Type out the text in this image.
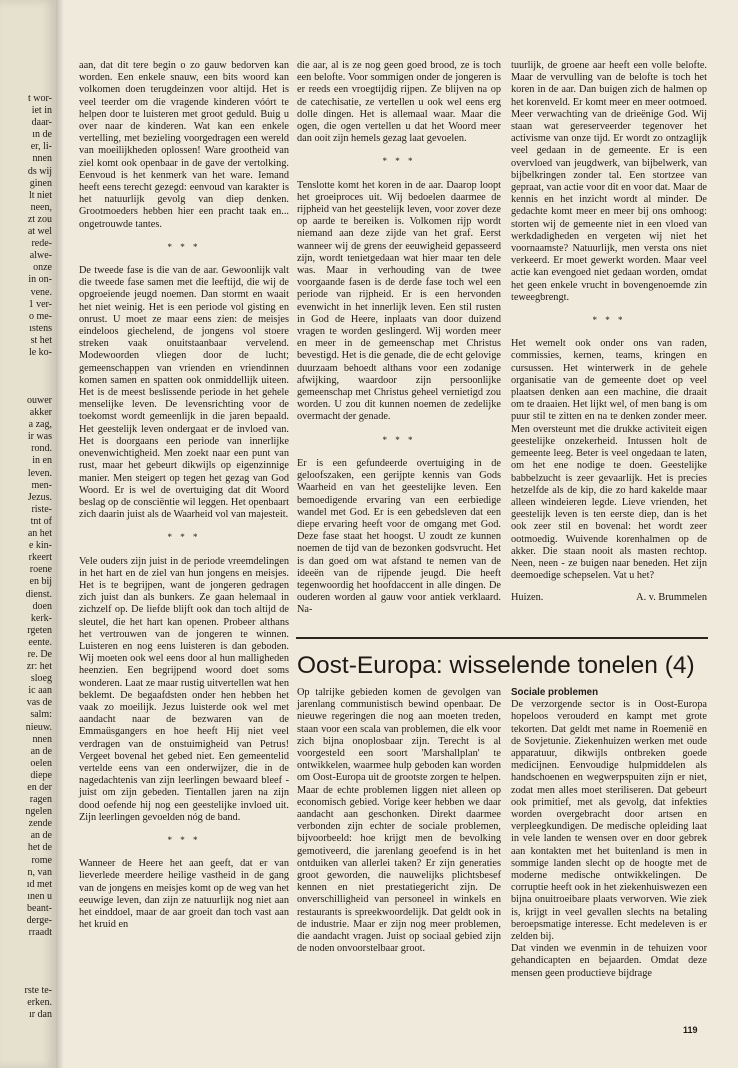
t wor-
iet in
daar-
ın de
er, li-
nnen
ds wij
ginen
lt niet
neen,
zt zou
at wel
rede-
alwe-
onze
in on-
vene.
1 ver-
o me-
ıstens
st het
le ko-

ouwer
akker
a zag,
ir was
rond.
in en
leven.
men-
Jezus.
riste-
tnt of
an het
e kin-
rkeert
roene
en bij
dienst.
doen
kerk-
rgeten
eente.
re. De
zr: het
sloeg
ic aan
vas de
salm:
nieuw.
nnen
an de
oelen
diepe
en der
ragen
ngelen
zende
an de
het de
rome
n, van
ıd met
ınen u
beant-
derge-
rraadt

rste te-
erken.
ır dan

aan, dat dit tere begin o zo gauw bedorven kan worden. Een enkele snauw, een bits woord kan volkomen doen terugdeinzen voor altijd. Het is veel teerder om die vragende kinderen vóórt te helpen door te luisteren met groot geduld. Buig u over naar de kinderen. Wat kan een enkele vertelling, met bezieling voorgedragen een wereld van moeilijkheden oplossen! Ware grootheid van ziel komt ook openbaar in de gave der vertolking. Eenvoud is het kenmerk van het ware. Iemand heeft eens terecht gezegd: eenvoud van karakter is het natuurlijk gevolg van diep denken. Grootmoeders hebben hier een pracht taak en... ongetrouwde tantes.

* * *

De tweede fase is die van de aar. Gewoonlijk valt die tweede fase samen met die leeftijd, die wij de opgroeiende jeugd noemen. Dan stormt en waait het niet weinig. Het is een periode vol gisting en onrust. U moet ze maar eens zien: de meisjes eindeloos giechelend, de jongens vol stoere streken vaak onuitstaanbaar vervelend. Modewoorden vliegen door de lucht; gemeenschappen van vrienden en vriendinnen komen samen en spatten ook onmiddellijk uiteen. Het is de meest beslissende periode in het gehele menselijke leven. De levensrichting voor de toekomst wordt gemeenlijk in die jaren bepaald. Het geestelijk leven ondergaat er de invloed van. Het is doorgaans een periode van innerlijke onevenwichtigheid. Men zoekt naar een punt van rust, maar het gebeurt dikwijls op eigenzinnige manier. Men steigert op tegen het gezag van God Woord. Er is wel de overtuiging dat dit Woord beslag op de consciëntie wil leggen. Het openbaart zich daarin juist als de Waarheid vol van majesteit.

* * *

Vele ouders zijn juist in de periode vreemdelingen in het hart en de ziel van hun jongens en meisjes. Het is te begrijpen, want de jongeren gedragen zich juist dan als bunkers. Ze gaan helemaal in zichzelf op. De liefde blijft ook dan toch altijd de sleutel, die het hart kan openen. Probeer althans het vertrouwen van de jongeren te winnen. Luisteren en nog eens luisteren is dan geboden. Wij moeten ook wel eens door al hun malligheden heenzien. Een begrijpend woord doet soms wonderen. Laat ze maar rustig uitvertellen wat hen beklemt. De begaafdsten onder hen hebben het vaak zo moeilijk. Jezus luisterde ook wel met aandacht naar de bezwaren van de Emmaüsgangers en hoe heeft Hij niet veel verdragen van de onstuimigheid van Petrus! Vergeet bovenal het gebed niet. Een gemeentelid vertelde eens van een onderwijzer, die in de nagedachtenis van zijn leerlingen bewaard bleef - juist om zijn gebeden. Tientallen jaren na zijn dood oefende hij nog een geestelijke invloed uit. Zijn leerlingen gevoelden nóg de band.

* * *

Wanneer de Heere het aan geeft, dat er van lieverlede meerdere heilige vastheid in de gang van de jongens en meisjes komt op de weg van het eeuwige leven, dan zijn ze natuurlijk nog niet aan het einddoel, maar de aar groeit dan toch vast aan het kruid en

die aar, al is ze nog geen goed brood, ze is toch een belofte. Voor sommigen onder de jongeren is er reeds een vroegtijdig rijpen. Ze blijven na op de catechisatie, ze vertellen u ook wel eens erg dolle dingen. Het is allemaal waar. Maar die ogen, die ogen vertellen u dat het Woord meer dan ooit zijn hemels gezag laat gevoelen.

* * *

Tenslotte komt het koren in de aar. Daarop loopt het groeiproces uit. Wij bedoelen daarmee de rijpheid van het geestelijk leven, voor zover deze op aarde te bereiken is. Volkomen rijp wordt niemand aan deze zijde van het graf. Eerst wanneer wij de grens der eeuwigheid gepasseerd zijn, wordt tenietgedaan wat hier maar ten dele was. Maar in verhouding van de twee voorgaande fasen is de derde fase toch wel een periode van rijpheid. Er is een hervonden evenwicht in het innerlijk leven. Een stil rusten in God de Heere, inplaats van door duizend vragen te worden geslingerd. Wij worden meer en meer in de gemeenschap met Christus bevestigd. Het is die genade, die de echt gelovige duurzaam behoedt althans voor een zodanige afwijking, waardoor zijn persoonlijke gemeenschap met Christus geheel vernietigd zou worden. U zou dit kunnen noemen de zedelijke overmacht der genade.

* * *

Er is een gefundeerde overtuiging in de geloofszaken, een gerijpte kennis van Gods Waarheid en van het geestelijke leven. Een bemoedigende ervaring van een eerbiedige wandel met God. Er is een gebedsleven dat een diepe ervaring heeft voor de omgang met God. Deze fase staat het hoogst. U zoudt ze kunnen noemen de tijd van de bezonken godsvrucht. Het is dan goed om wat afstand te nemen van de ideeën van de rijpende jeugd. Die heeft tegenwoordig het hoofdaccent in alle dingen. De ouderen worden al gauw voor antiek verklaard. Na-

tuurlijk, de groene aar heeft een volle belofte. Maar de vervulling van de belofte is toch het koren in de aar. Dan buigen zich de halmen op het korenveld. Er komt meer en meer ootmoed. Meer verwachting van de drieënige God. Wij staan wat gereserveerder tegenover het activisme van onze tijd. Er wordt zo ontzaglijk veel gedaan in de gemeente. Er is een overvloed van jeugdwerk, van bijbelwerk, van bijbelkringen zonder tal. Een stortzee van gepraat, van actie voor dit en voor dat. Maar de kennis en het inzicht wordt al minder. De gedachte komt meer en meer bij ons omhoog: storten wij de gemeente niet in een vloed van werkdadigheden en vergeten wij niet het voornaamste? Natuurlijk, men versta ons niet verkeerd. Er moet gewerkt worden. Maar veel actie kan evengoed niet gedaan worden, omdat het geen enkele vrucht in bovengenoemde zin teweegbrengt.

* * *

Het wemelt ook onder ons van raden, commissies, kernen, teams, kringen en cursussen. Het winterwerk in de gehele organisatie van de gemeente doet op veel plaatsen denken aan een machine, die draait om te draaien. Het lijkt wel, of men bang is om puur stil te zitten en na te denken zonder meer. Men oversteunt met die drukke activiteit eigen geestelijke onzekerheid. Intussen holt de gemeente leeg. Beter is veel ongedaan te laten, om het ene nodige te doen. Geestelijke babbelzucht is zeer gevaarlijk. Het is precies hetzelfde als de kip, die zo hard kakelde maar alleen windeieren legde. Lieve vrienden, het geestelijk leven is ten eerste diep, dan is het ook zeer stil en bovenal: het wordt zeer ootmoedig. Wuivende korenhalmen op de akker. Die staan nooit als masten rechtop. Neen, neen - ze buigen naar beneden. Het zijn deemoedige schepselen. Vat u het?

Huizen.	A. v. Brummelen

Oost-Europa: wisselende tonelen (4)

Op talrijke gebieden komen de gevolgen van jarenlang communistisch bewind openbaar. De nieuwe regeringen die nog aan moeten treden, staan voor een scala van problemen, die elk voor zich bijna onoplosbaar zijn. Terecht is al voorgesteld een soort 'Marshallplan' te ontwikkelen, waarmee hulp geboden kan worden om Oost-Europa uit de grootste zorgen te helpen. Maar de echte problemen liggen niet alleen op economisch gebied. Vorige keer hebben we daar aandacht aan geschonken. Direkt daarmee verbonden zijn echter de sociale problemen, bijvoorbeeld: hoe krijgt men de bevolking gemotiveerd, die jarenlang geoefend is in het ontduiken van allerlei taken? Er zijn generaties groot geworden, die nauwelijks plichtsbesef kennen en niet prestatiegericht zijn. De onverschilligheid van personeel in winkels en restaurants is spreekwoordelijk. Dat geldt ook in de industrie. Maar er zijn nog meer problemen, die aandacht vragen. Juist op sociaal gebied zijn de noden onvoorstelbaar groot.

Sociale problemen

De verzorgende sector is in Oost-Europa hopeloos verouderd en kampt met grote tekorten. Dat geldt met name in Roemenië en de Sovjetunie. Ziekenhuizen werken met oude apparatuur, dikwijls ontbreken goede medicijnen. Eenvoudige hulpmiddelen als handschoenen en wegwerpspuiten zijn er niet, zodat men alles moet steriliseren. Dat gebeurt ook primitief, met als gevolg, dat infekties worden overgebracht door artsen en verpleegkundigen. De medische opleiding laat in vele landen te wensen over en door gebrek aan kontakten met het buitenland is men in sommige landen slecht op de hoogte met de moderne medische ontwikkelingen. De corruptie heeft ook in het ziekenhuiswezen een bijna onuitroeibare plaats verworven. Wie ziek is, krijgt in veel gevallen slechts na betaling beroepsmatige interesse. Echt medeleven is er zelden bij.

Dat vinden we evenmin in de tehuizen voor gehandicapten en bejaarden. Omdat deze mensen geen productieve bijdrage

119
